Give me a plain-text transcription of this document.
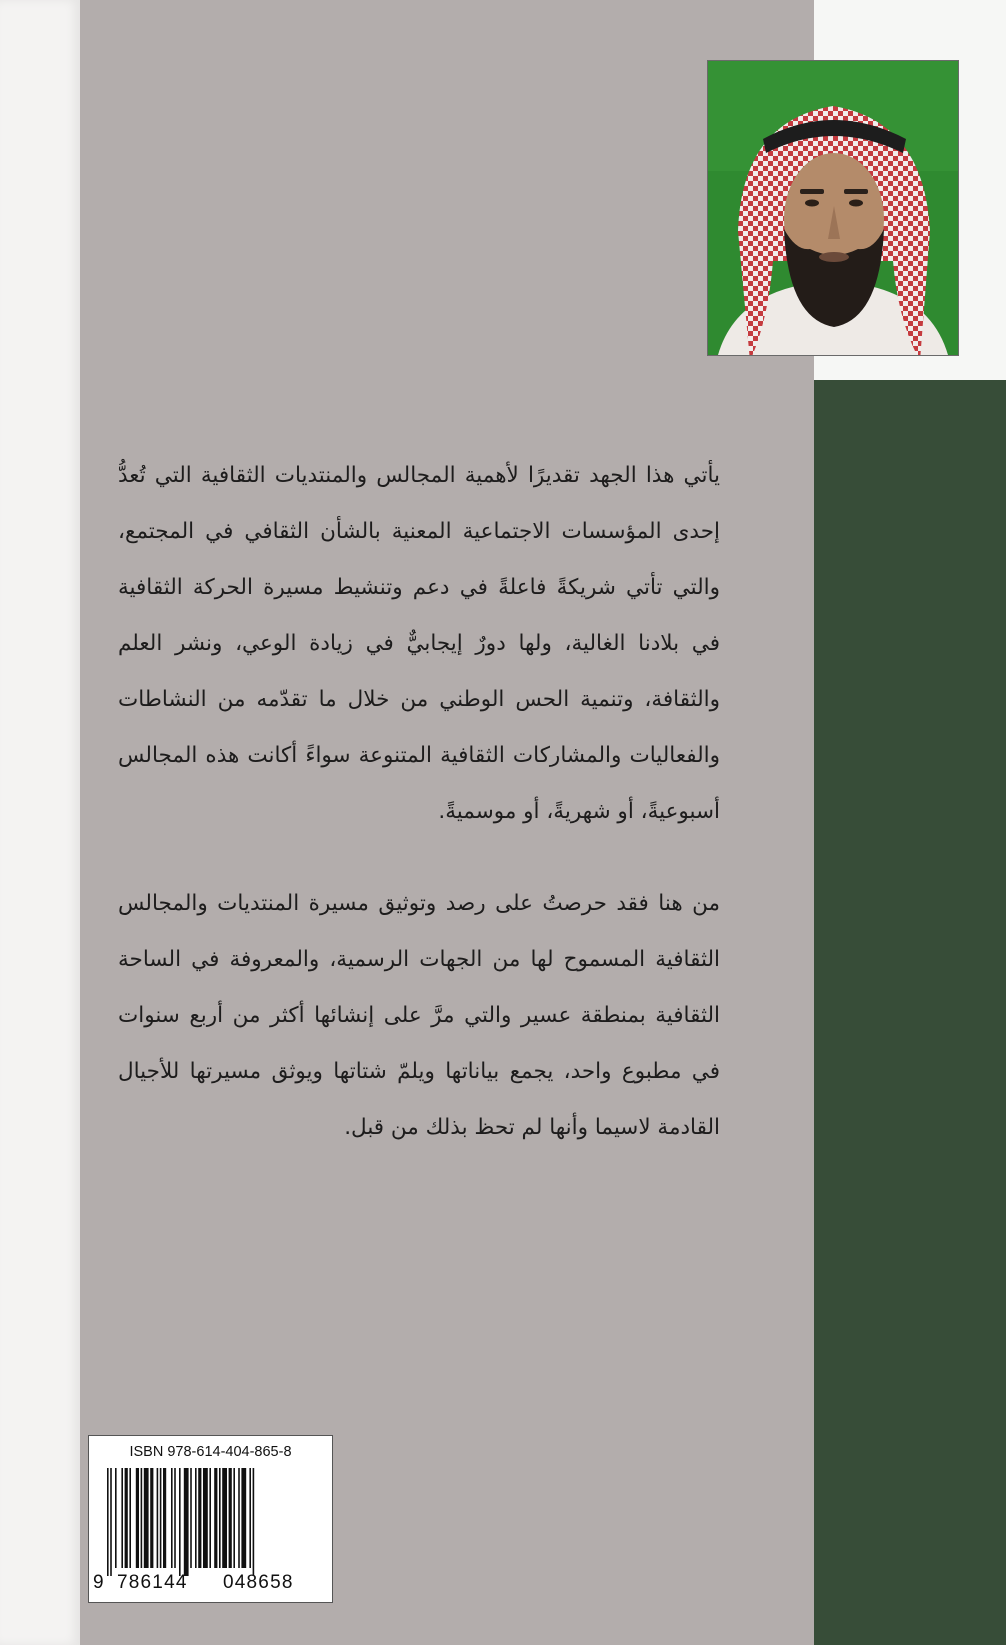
يأتي هذا الجهد تقديرًا لأهمية المجالس والمنتديات الثقافية التي تُعدُّ إحدى المؤسسات الاجتماعية المعنية بالشأن الثقافي في المجتمع، والتي تأتي شريكةً فاعلةً في دعم وتنشيط مسيرة الحركة الثقافية في بلادنا الغالية، ولها دورٌ إيجابيٌّ في زيادة الوعي، ونشر العلم والثقافة، وتنمية الحس الوطني من خلال ما تقدّمه من النشاطات والفعاليات والمشاركات الثقافية المتنوعة سواءً أكانت هذه المجالس أسبوعيةً، أو شهريةً، أو موسميةً.

من هنا فقد حرصتُ على رصد وتوثيق مسيرة المنتديات والمجالس الثقافية المسموح لها من الجهات الرسمية، والمعروفة في الساحة الثقافية بمنطقة عسير والتي مرَّ على إنشائها أكثر من أربع سنوات في مطبوع واحد، يجمع بياناتها ويلمّ شتاتها ويوثق مسيرتها للأجيال القادمة لاسيما وأنها لم تحظ بذلك من قبل.

ISBN 978-614-404-865-8
9 786144 048658
